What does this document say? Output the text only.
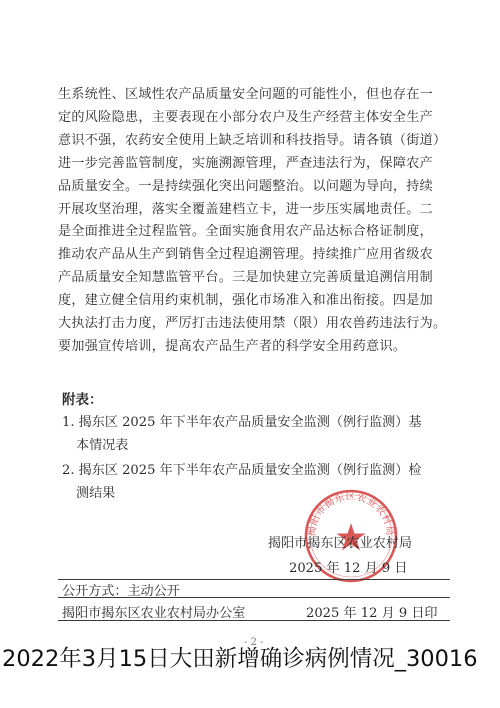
生系统性、区域性农产品质量安全问题的可能性小，但也存在一
定的风险隐患，主要表现在小部分农户及生产经营主体安全生产
意识不强，农药安全使用上缺乏培训和科技指导。请各镇（街道）
进一步完善监管制度，实施溯源管理，严查违法行为，保障农产
品质量安全。一是持续强化突出问题整治。以问题为导向，持续
开展攻坚治理，落实全覆盖建档立卡，进一步压实属地责任。二
是全面推进全过程监管。全面实施食用农产品达标合格证制度，
推动农产品从生产到销售全过程追溯管理。持续推广应用省级农
产品质量安全知慧监管平台。三是加快建立完善质量追溯信用制
度，建立健全信用约束机制，强化市场准入和准出衔接。四是加
大执法打击力度，严厉打击违法使用禁（限）用农兽药违法行为。
要加强宣传培训，提高农产品生产者的科学安全用药意识。

附表：

1. 揭东区 2025 年下半年农产品质量安全监测（例行监测）基
本情况表
2. 揭东区 2025 年下半年农产品质量安全监测（例行监测）检
测结果
揭阳市揭东区农业农村局

揭阳市揭东区农业农村局

2025 年 12 月 9 日

公开方式：主动公开

揭阳市揭东区农业农村局办公室	2025 年 12 月 9 日印

- 2 -

2022年3月15日大田新增确诊病例情况_30016
